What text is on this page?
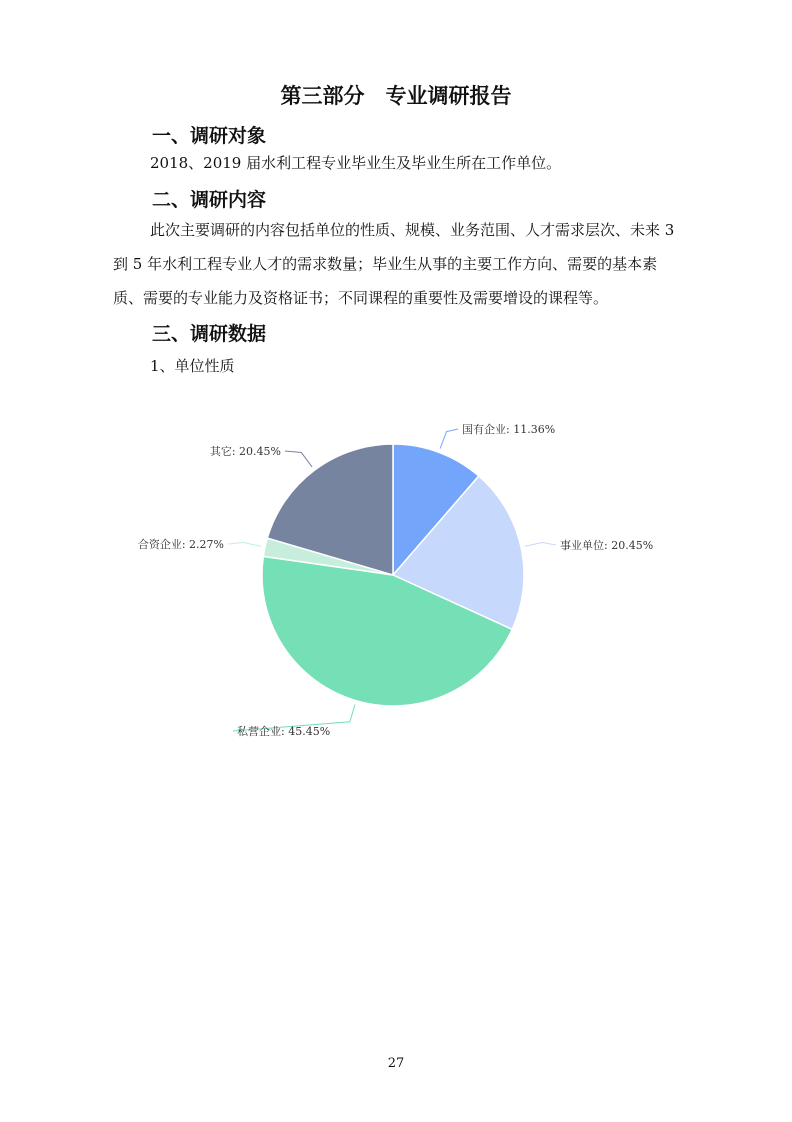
第三部分　专业调研报告
一、调研对象
2018、2019 届水利工程专业毕业生及毕业生所在工作单位。
二、调研内容
此次主要调研的内容包括单位的性质、规模、业务范围、人才需求层次、未来 3 到 5 年水利工程专业人才的需求数量；毕业生从事的主要工作方向、需要的基本素质、需要的专业能力及资格证书；不同课程的重要性及需要增设的课程等。
三、调研数据
1、单位性质
国有企业: 11.36%
事业单位: 20.45%
私营企业: 45.45%
合资企业: 2.27%
其它: 20.45%
27
